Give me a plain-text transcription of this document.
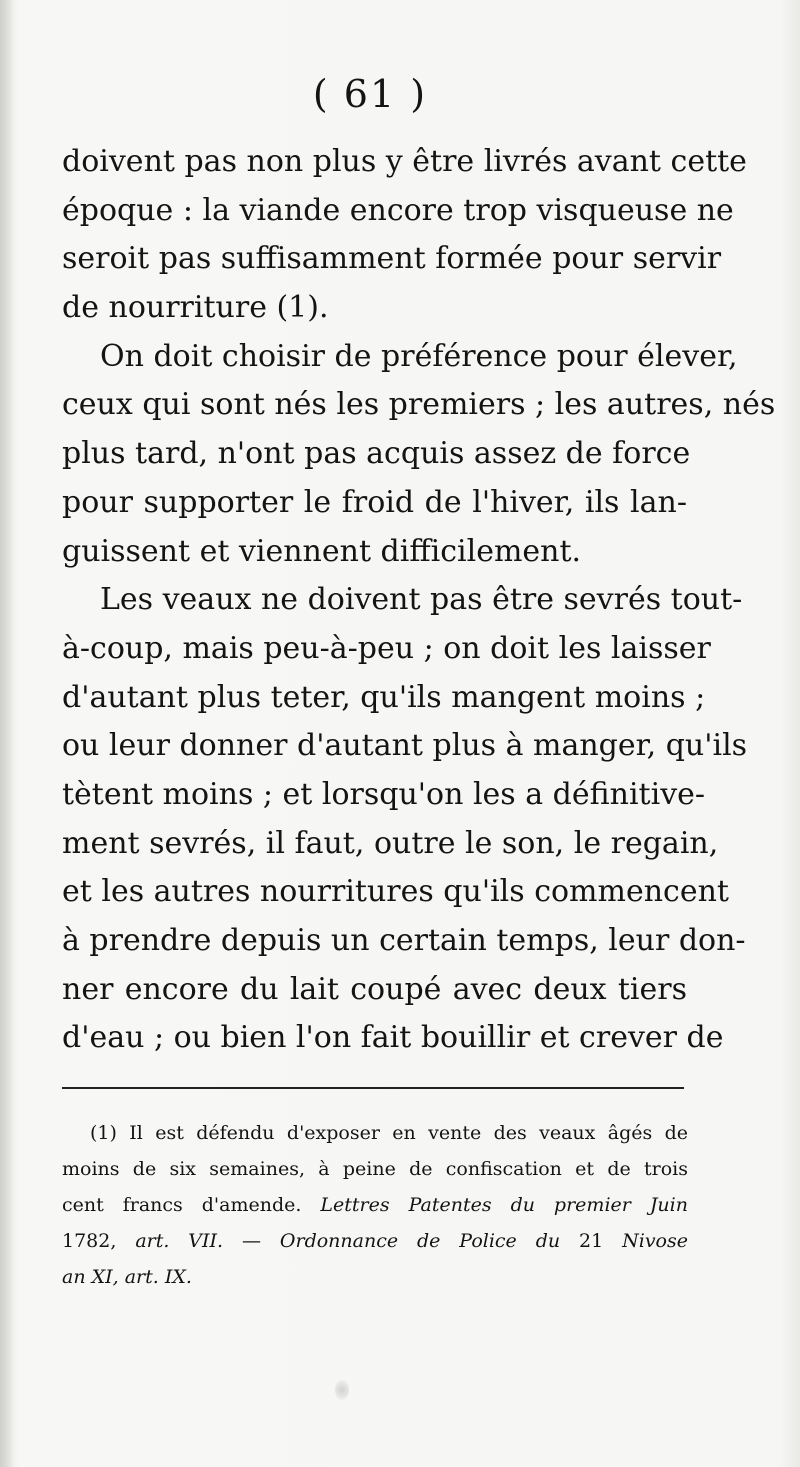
( 61 )
doivent pas non plus y être livrés avant cette
époque : la viande encore trop visqueuse ne
seroit pas suffisamment formée pour servir
de nourriture (1).
On doit choisir de préférence pour élever,
ceux qui sont nés les premiers ; les autres, nés
plus tard, n'ont pas acquis assez de force
pour supporter le froid de l'hiver, ils lan-
guissent et viennent difficilement.
Les veaux ne doivent pas être sevrés tout-
à-coup, mais peu-à-peu ; on doit les laisser
d'autant plus teter, qu'ils mangent moins ;
ou leur donner d'autant plus à manger, qu'ils
tètent moins ; et lorsqu'on les a définitive-
ment sevrés, il faut, outre le son, le regain,
et les autres nourritures qu'ils commencent
à prendre depuis un certain temps, leur don-
ner encore du lait coupé avec deux tiers
d'eau ; ou bien l'on fait bouillir et crever de
(1) Il est défendu d'exposer en vente des veaux âgés de
moins de six semaines, à peine de confiscation et de trois
cent francs d'amende. Lettres Patentes du premier Juin
1782, art. VII. — Ordonnance de Police du 21 Nivose
an XI, art. IX.
